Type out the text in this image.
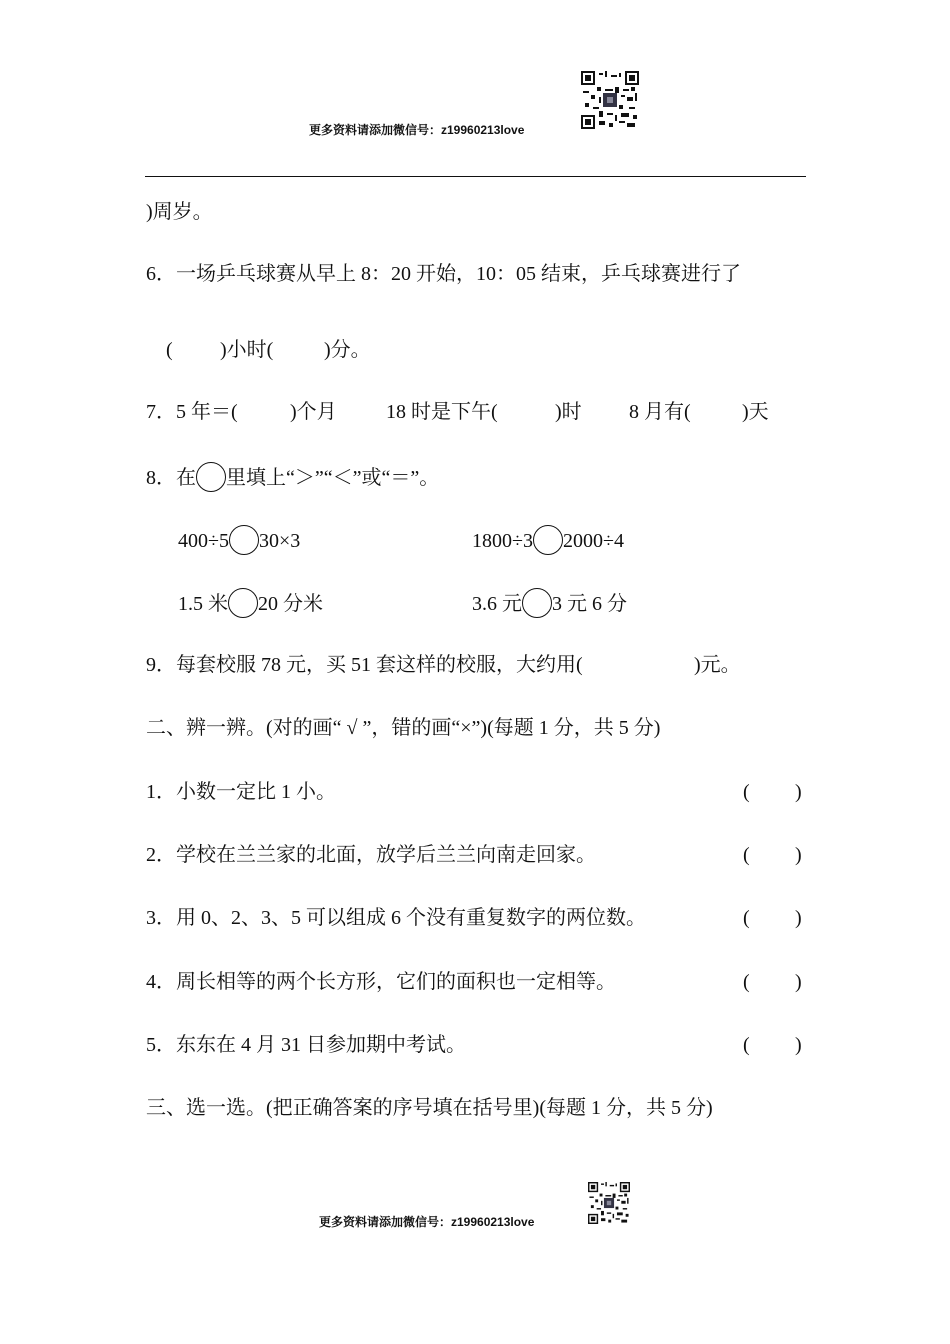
更多资料请添加微信号：z19960213love
)周岁。
6．一场乒乓球赛从早上 8：20 开始，10：05 结束，乒乓球赛进行了
( )小时(	)分。
7．5 年＝(	)个月 18 时是下午(	)时 8 月有(	)天
8．在 里填上“＞”“＜”或“＝”。
400÷5 30×3	1800÷3 2000÷4
1.5 米 20 分米	3.6 元 3 元 6 分
9．每套校服 78 元，买 51 套这样的校服，大约用(	)元。
二、辨一辨。(对的画“ √ ”，错的画“×”)(每题 1 分，共 5 分)
1．小数一定比 1 小。	( )
2．学校在兰兰家的北面，放学后兰兰向南走回家。	( )
3．用 0、2、3、5 可以组成 6 个没有重复数字的两位数。	( )
4．周长相等的两个长方形，它们的面积也一定相等。	( )
5．东东在 4 月 31 日参加期中考试。	( )
三、选一选。(把正确答案的序号填在括号里)(每题 1 分，共 5 分)
更多资料请添加微信号：z19960213love
